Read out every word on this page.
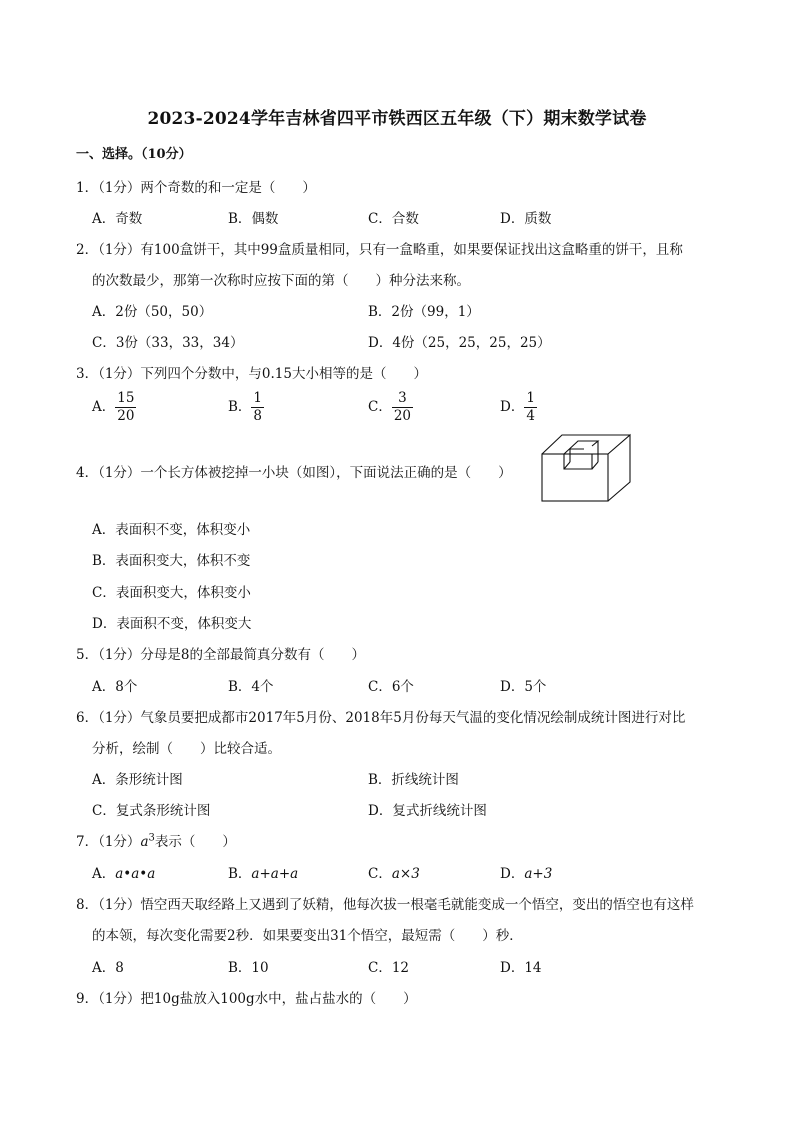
2023-2024学年吉林省四平市铁西区五年级（下）期末数学试卷
一、选择。（10分）
1．（1分）两个奇数的和一定是（　　）
A．奇数	B．偶数	C．合数	D．质数
2．（1分）有100盒饼干，其中99盒质量相同，只有一盒略重，如果要保证找出这盒略重的饼干，且称
的次数最少，那第一次称时应按下面的第（　　）种分法来称。
A．2份（50，50）	B．2份（99，1）
C．3份（33，33，34）	D．4份（25，25，25，25）
3．（1分）下列四个分数中，与0.15大小相等的是（　　）
A． $\frac{15}{20}$	B． $\frac{1}{8}$	C． $\frac{3}{20}$	D． $\frac{1}{4}$
4．（1分）一个长方体被挖掉一小块（如图），下面说法正确的是（　　）
A．表面积不变，体积变小
B．表面积变大，体积不变
C．表面积变大，体积变小
D．表面积不变，体积变大
5．（1分）分母是8的全部最简真分数有（　　）
A．8个	B．4个	C．6个	D．5个
6．（1分）气象员要把成都市2017年5月份、2018年5月份每天气温的变化情况绘制成统计图进行对比
分析，绘制（　　）比较合适。
A．条形统计图	B．折线统计图
C．复式条形统计图	D．复式折线统计图
7．（1分）$a^3$表示（　　）
A．a•a•a	B．a+a+a	C．a×3	D．a+3
8．（1分）悟空西天取经路上又遇到了妖精，他每次拔一根毫毛就能变成一个悟空，变出的悟空也有这样
的本领，每次变化需要2秒．如果要变出31个悟空，最短需（　　）秒．
A．8	B．10	C．12	D．14
9．（1分）把10g盐放入100g水中，盐占盐水的（　　）
